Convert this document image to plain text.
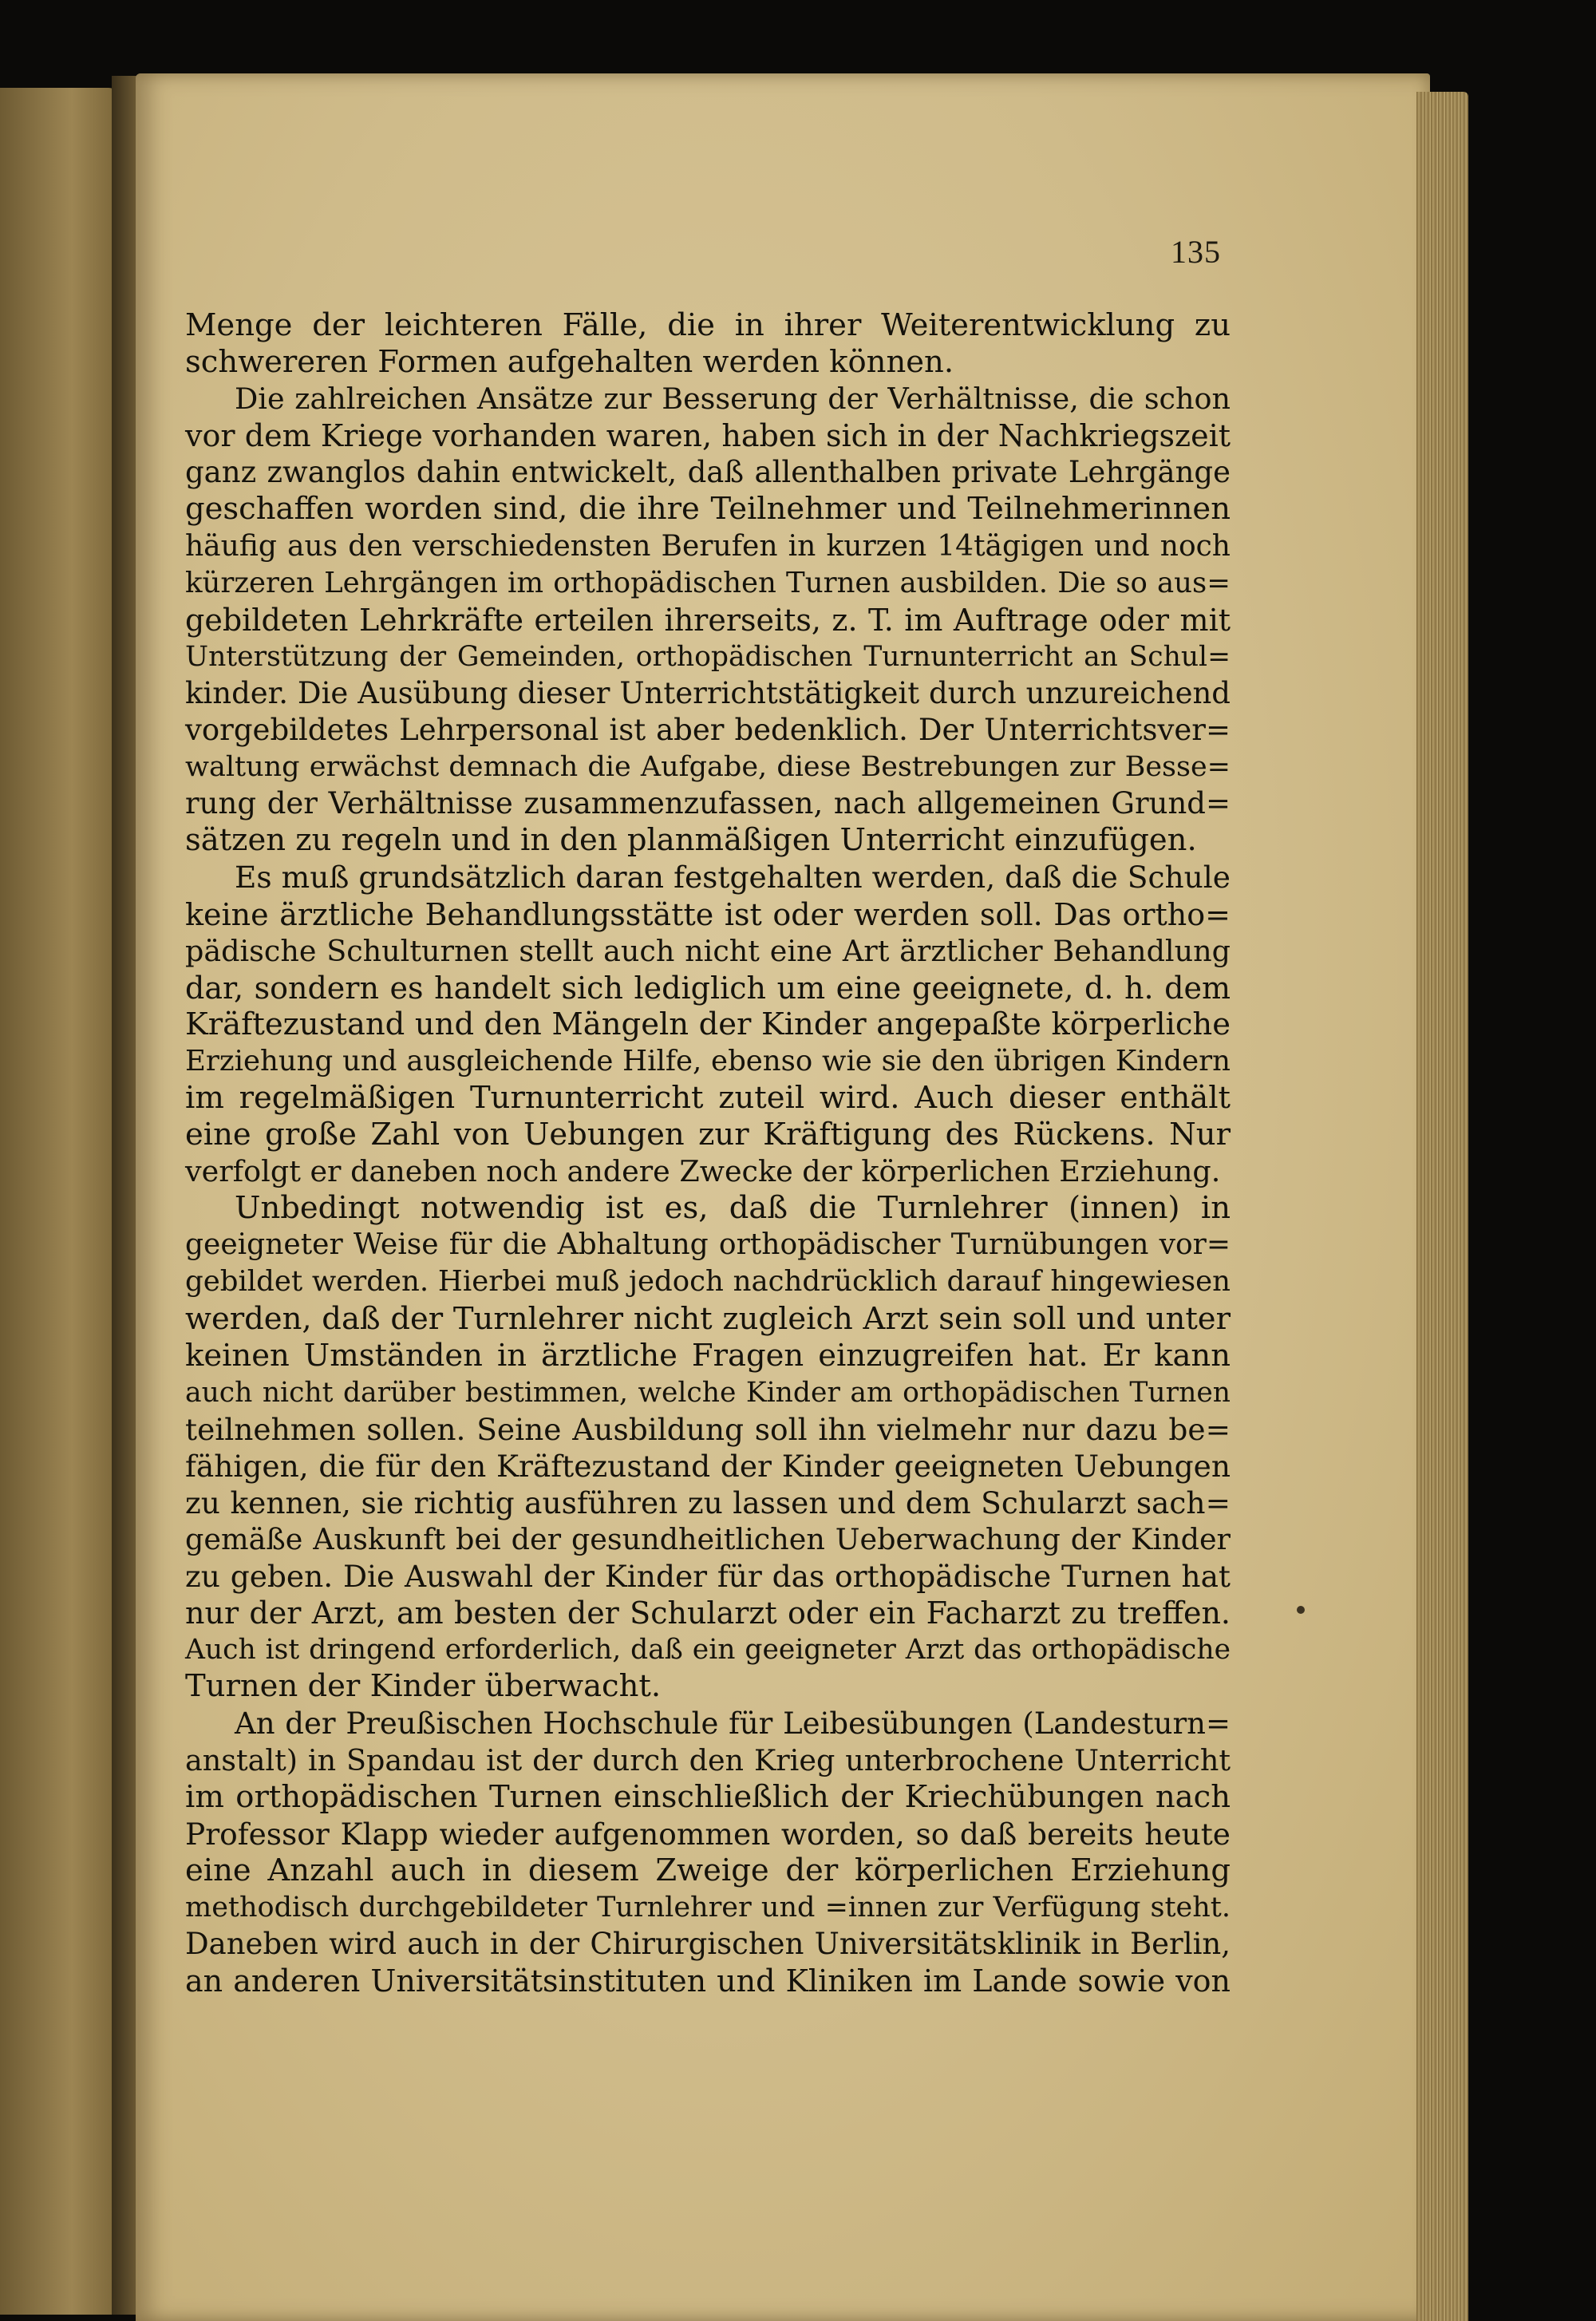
135
Menge der leichteren Fälle, die in ihrer Weiterentwicklung zu
schwereren Formen aufgehalten werden können.
Die zahlreichen Ansätze zur Besserung der Verhältnisse, die schon
vor dem Kriege vorhanden waren, haben sich in der Nachkriegszeit
ganz zwanglos dahin entwickelt, daß allenthalben private Lehrgänge
geschaffen worden sind, die ihre Teilnehmer und Teilnehmerinnen
häufig aus den verschiedensten Berufen in kurzen 14tägigen und noch
kürzeren Lehrgängen im orthopädischen Turnen ausbilden. Die so aus=
gebildeten Lehrkräfte erteilen ihrerseits, z. T. im Auftrage oder mit
Unterstützung der Gemeinden, orthopädischen Turnunterricht an Schul=
kinder. Die Ausübung dieser Unterrichtstätigkeit durch unzureichend
vorgebildetes Lehrpersonal ist aber bedenklich. Der Unterrichtsver=
waltung erwächst demnach die Aufgabe, diese Bestrebungen zur Besse=
rung der Verhältnisse zusammenzufassen, nach allgemeinen Grund=
sätzen zu regeln und in den planmäßigen Unterricht einzufügen.
Es muß grundsätzlich daran festgehalten werden, daß die Schule
keine ärztliche Behandlungsstätte ist oder werden soll. Das ortho=
pädische Schulturnen stellt auch nicht eine Art ärztlicher Behandlung
dar, sondern es handelt sich lediglich um eine geeignete, d. h. dem
Kräftezustand und den Mängeln der Kinder angepaßte körperliche
Erziehung und ausgleichende Hilfe, ebenso wie sie den übrigen Kindern
im regelmäßigen Turnunterricht zuteil wird. Auch dieser enthält
eine große Zahl von Uebungen zur Kräftigung des Rückens. Nur
verfolgt er daneben noch andere Zwecke der körperlichen Erziehung.
Unbedingt notwendig ist es, daß die Turnlehrer (innen) in
geeigneter Weise für die Abhaltung orthopädischer Turnübungen vor=
gebildet werden. Hierbei muß jedoch nachdrücklich darauf hingewiesen
werden, daß der Turnlehrer nicht zugleich Arzt sein soll und unter
keinen Umständen in ärztliche Fragen einzugreifen hat. Er kann
auch nicht darüber bestimmen, welche Kinder am orthopädischen Turnen
teilnehmen sollen. Seine Ausbildung soll ihn vielmehr nur dazu be=
fähigen, die für den Kräftezustand der Kinder geeigneten Uebungen
zu kennen, sie richtig ausführen zu lassen und dem Schularzt sach=
gemäße Auskunft bei der gesundheitlichen Ueberwachung der Kinder
zu geben. Die Auswahl der Kinder für das orthopädische Turnen hat
nur der Arzt, am besten der Schularzt oder ein Facharzt zu treffen.
Auch ist dringend erforderlich, daß ein geeigneter Arzt das orthopädische
Turnen der Kinder überwacht.
An der Preußischen Hochschule für Leibesübungen (Landesturn=
anstalt) in Spandau ist der durch den Krieg unterbrochene Unterricht
im orthopädischen Turnen einschließlich der Kriechübungen nach
Professor Klapp wieder aufgenommen worden, so daß bereits heute
eine Anzahl auch in diesem Zweige der körperlichen Erziehung
methodisch durchgebildeter Turnlehrer und =innen zur Verfügung steht.
Daneben wird auch in der Chirurgischen Universitätsklinik in Berlin,
an anderen Universitätsinstituten und Kliniken im Lande sowie von
